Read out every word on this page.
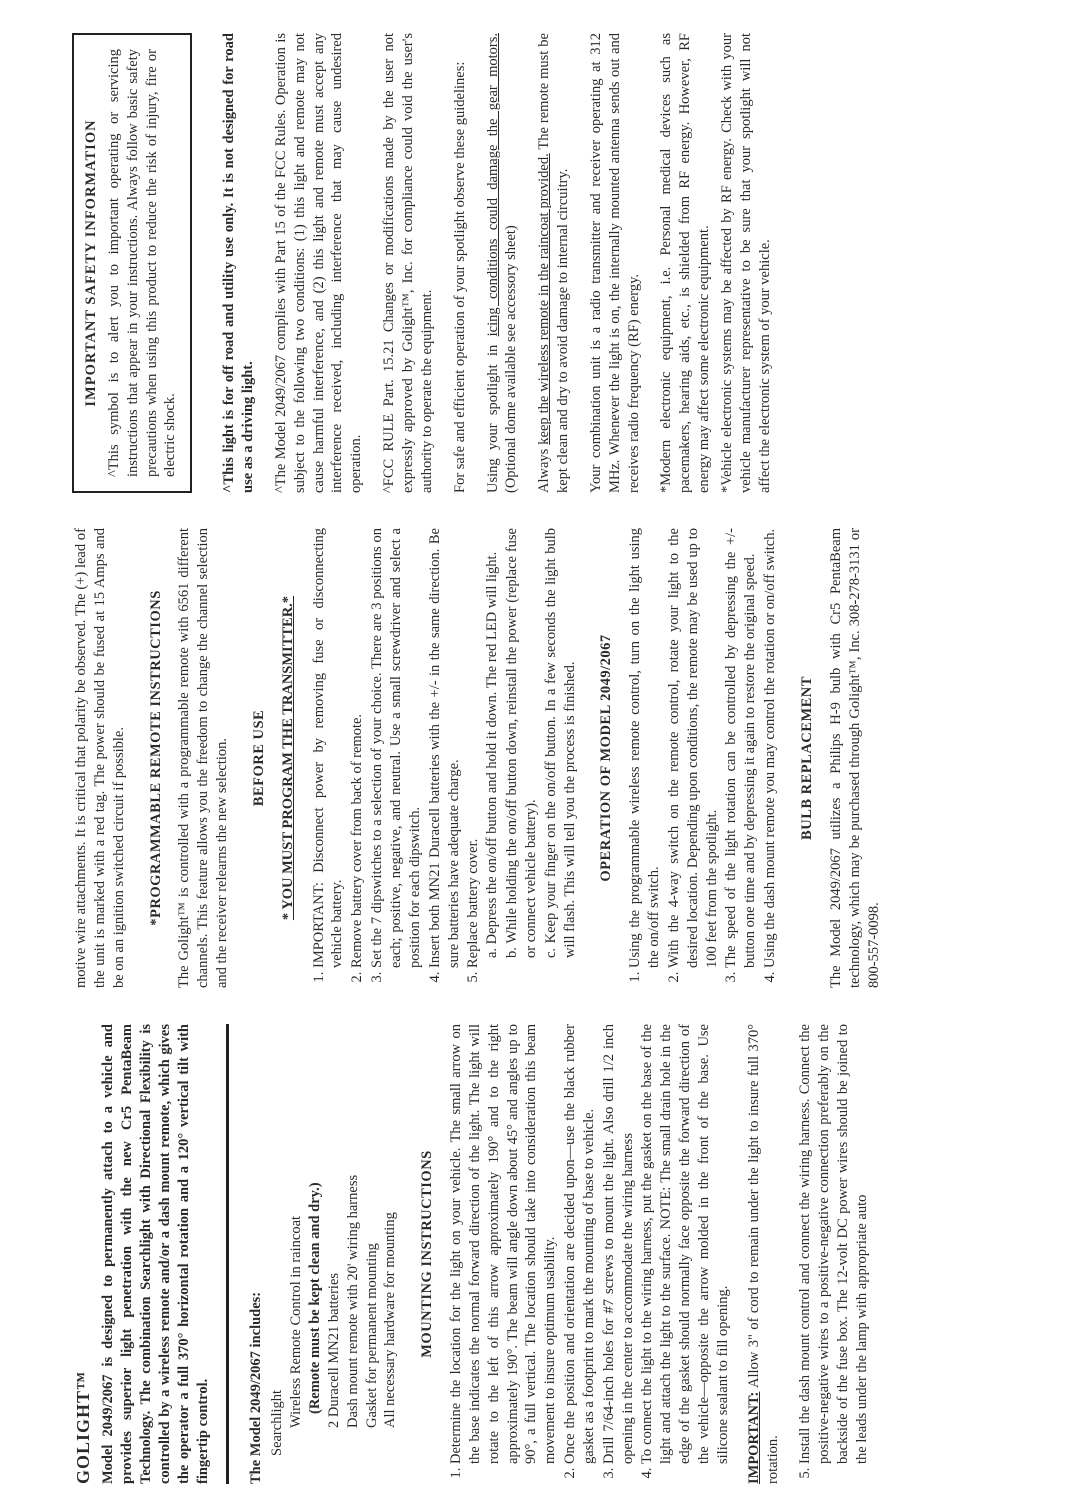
GOLIGHT™ Model 2049/2067 is designed to permanently attach to a vehicle and provides superior light penetration with the new Cr5 PentaBeam Technology. The combination Searchlight with Directional Flexibility is controlled by a wireless remote and/or a dash mount remote, which gives the operator a full 370° horizontal rotation and a 120° vertical tilt with fingertip control.	The Model 2049/2067 includes: Searchlight Wireless Remote Control in raincoat (Remote must be kept clean and dry.) 2 Duracell MN21 batteries Dash mount remote with 20' wiring harness Gasket for permanent mounting All necessary hardware for mounting MOUNTING INSTRUCTIONS 1. Determine the location for the light on your vehicle. The small arrow on the base indicates the normal forward direction of the light. The light will rotate to the left of this arrow approximately 190° and to the right approximately 190°. The beam will angle down about 45° and angles up to 90°, a full vertical. The location should take into consideration this beam movement to insure optimum usability. 2. Once the position and orientation are decided upon—use the black rubber gasket as a footprint to mark the mounting of base to vehicle. 3. Drill 7/64-inch holes for #7 screws to mount the light. Also drill 1/2 inch opening in the center to accommodate the wiring harness 4. To connect the light to the wiring harness, put the gasket on the base of the light and attach the light to the surface. NOTE: The small drain hole in the edge of the gasket should normally face opposite the forward direction of the vehicle—opposite the arrow molded in the front of the base. Use silicone sealant to fill opening. IMPORTANT: Allow 3" of cord to remain under the light to insure full 370° rotation. 5. Install the dash mount control and connect the wiring harness. Connect the positive-negative wires to a positive-negative connection preferably on the backside of the fuse box. The 12-volt DC power wires should be joined to the leads under the lamp with appropriate auto

motive wire attachments. It is critical that polarity be observed. The (+) lead of the unit is marked with a red tag. The power should be fused at 15 Amps and be on an ignition switched circuit if possible. *PROGRAMMABLE REMOTE INSTRUCTIONS The Golight™ is controlled with a programmable remote with 6561 different channels. This feature allows you the freedom to change the channel selection and the receiver relearns the new selection. BEFORE USE * YOU MUST PROGRAM THE TRANSMITTER.* 1. IMPORTANT: Disconnect power by removing fuse or disconnecting vehicle battery. 2. Remove battery cover from back of remote. 3. Set the 7 dipswitches to a selection of your choice. There are 3 positions on each; positive, negative, and neutral. Use a small screwdriver and select a position for each dipswitch. 4. Insert both MN21 Duracell batteries with the +/- in the same direction. Be sure batteries have adequate charge. 5. Replace battery cover. a. Depress the on/off button and hold it down. The red LED will light. b. While holding the on/off button down, reinstall the power (replace fuse or connect vehicle battery). c. Keep your finger on the on/off button. In a few seconds the light bulb will flash. This will tell you the process is finished. OPERATION OF MODEL 2049/2067 1. Using the programmable wireless remote control, turn on the light using the on/off switch. 2. With the 4-way switch on the remote control, rotate your light to the desired location. Depending upon conditions, the remote may be used up to 100 feet from the spotlight. 3. The speed of the light rotation can be controlled by depressing the +/- button one time and by depressing it again to restore the original speed. 4. Using the dash mount remote you may control the rotation or on/off switch. BULB REPLACEMENT The Model 2049/2067 utilizes a Philips H-9 bulb with Cr5 PentaBeam technology, which may be purchased through Golight™, Inc. 308-278-3131 or 800-557-0098.

IMPORTANT SAFETY INFORMATION ^This symbol is to alert you to important operating or servicing instructions that appear in your instructions. Always follow basic safety precautions when using this product to reduce the risk of injury, fire or electric shock.	^This light is for off road and utility use only. It is not designed for road use as a driving light. ^The Model 2049/2067 complies with Part 15 of the FCC Rules. Operation is subject to the following two conditions: (1) this light and remote may not cause harmful interference, and (2) this light and remote must accept any interference received, including interference that may cause undesired operation. ^FCC RULE Part. 15.21 Changes or modifications made by the user not expressly approved by Golight™, Inc. for compliance could void the user's authority to operate the equipment. For safe and efficient operation of your spotlight observe these guidelines: Using your spotlight in icing conditions could damage the gear motors. (Optional dome available see accessory sheet) Always keep the wireless remote in the raincoat provided. The remote must be kept clean and dry to avoid damage to internal circuitry. Your combination unit is a radio transmitter and receiver operating at 312 MHz. Whenever the light is on, the internally mounted antenna sends out and receives radio frequency (RF) energy. *Modern electronic equipment, i.e. Personal medical devices such as pacemakers, hearing aids, etc., is shielded from RF energy. However, RF energy may affect some electronic equipment. *Vehicle electronic systems may be affected by RF energy. Check with your vehicle manufacturer representative to be sure that your spotlight will not affect the electronic system of your vehicle.
